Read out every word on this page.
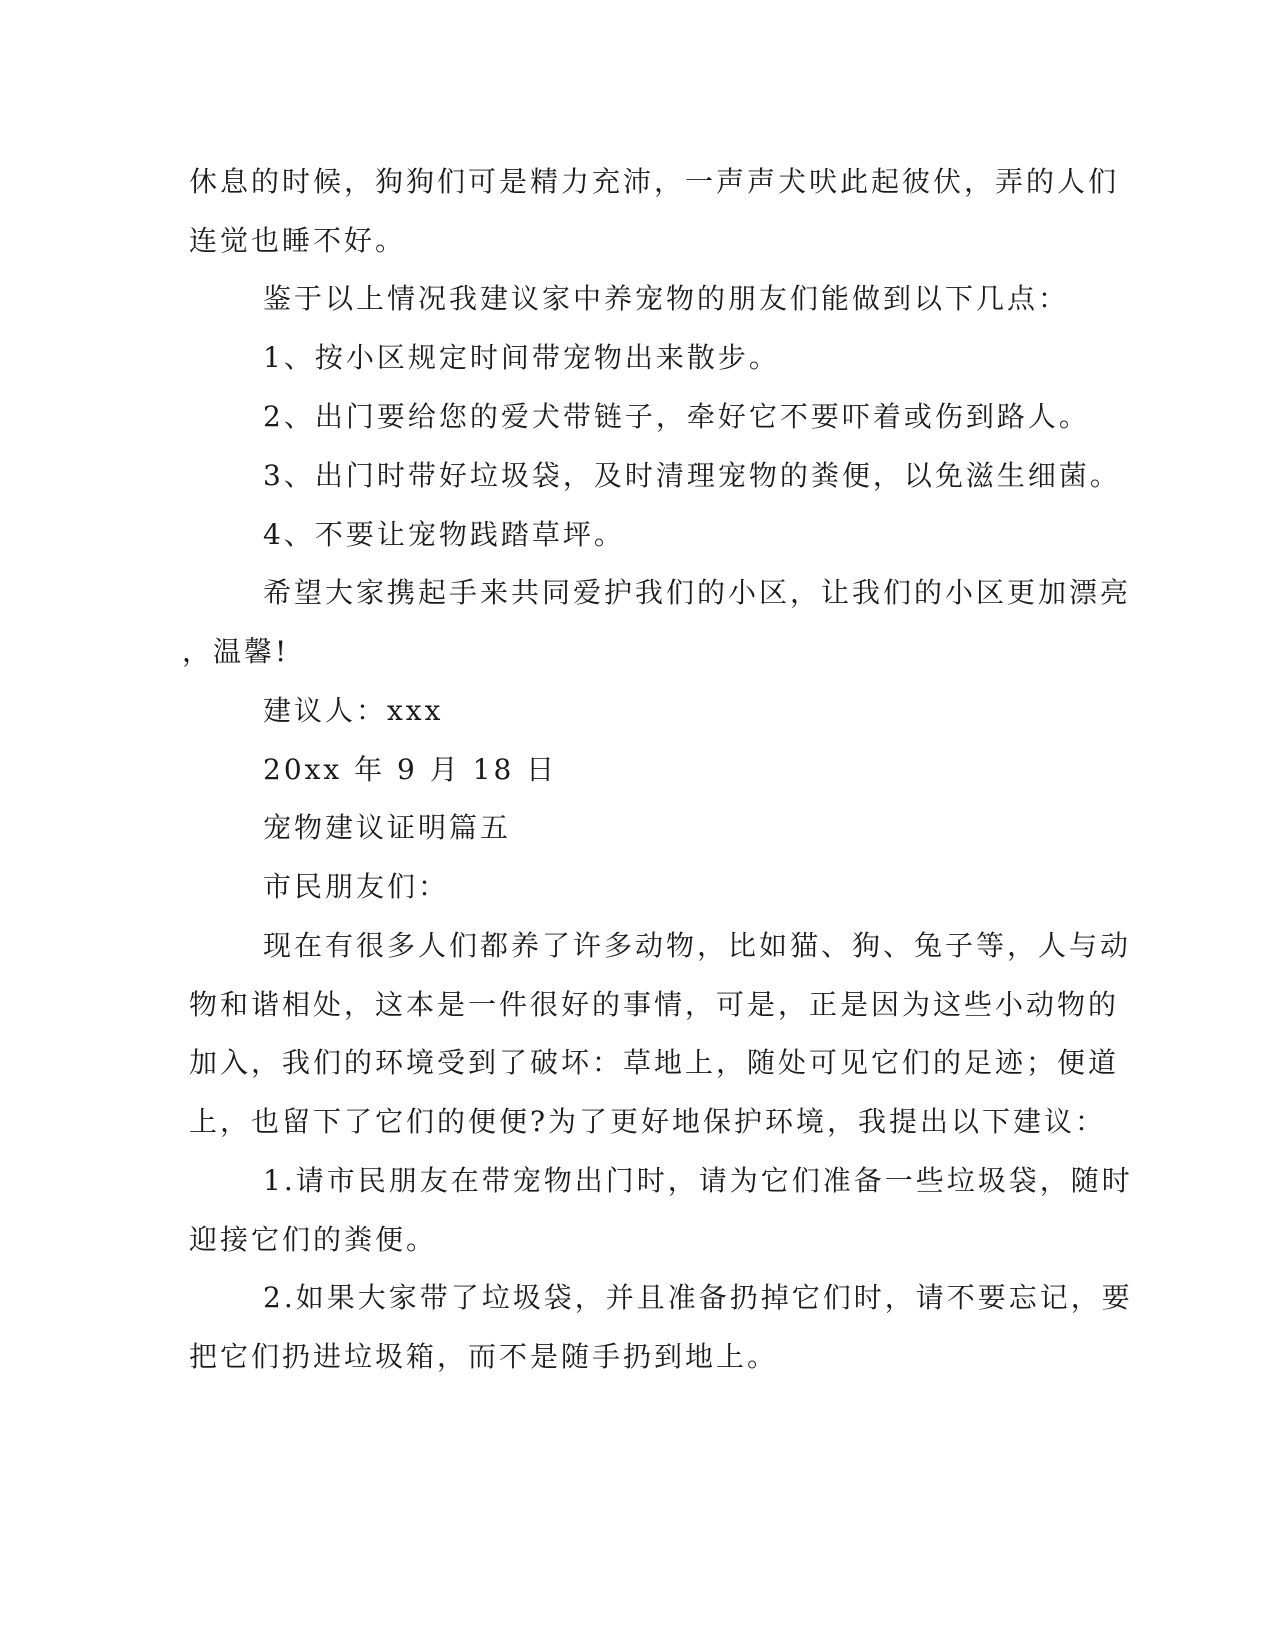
休息的时候，狗狗们可是精力充沛，一声声犬吠此起彼伏，弄的人们
连觉也睡不好。
鉴于以上情况我建议家中养宠物的朋友们能做到以下几点：
1、按小区规定时间带宠物出来散步。
2、出门要给您的爱犬带链子，牵好它不要吓着或伤到路人。
3、出门时带好垃圾袋，及时清理宠物的粪便，以免滋生细菌。
4、不要让宠物践踏草坪。
希望大家携起手来共同爱护我们的小区，让我们的小区更加漂亮
，温馨!
建议人：xxx
20xx 年 9 月 18 日
宠物建议证明篇五
市民朋友们：
现在有很多人们都养了许多动物，比如猫、狗、兔子等，人与动
物和谐相处，这本是一件很好的事情，可是，正是因为这些小动物的
加入，我们的环境受到了破坏：草地上，随处可见它们的足迹；便道
上，也留下了它们的便便?为了更好地保护环境，我提出以下建议：
1.请市民朋友在带宠物出门时，请为它们准备一些垃圾袋，随时
迎接它们的粪便。
2.如果大家带了垃圾袋，并且准备扔掉它们时，请不要忘记，要
把它们扔进垃圾箱，而不是随手扔到地上。
